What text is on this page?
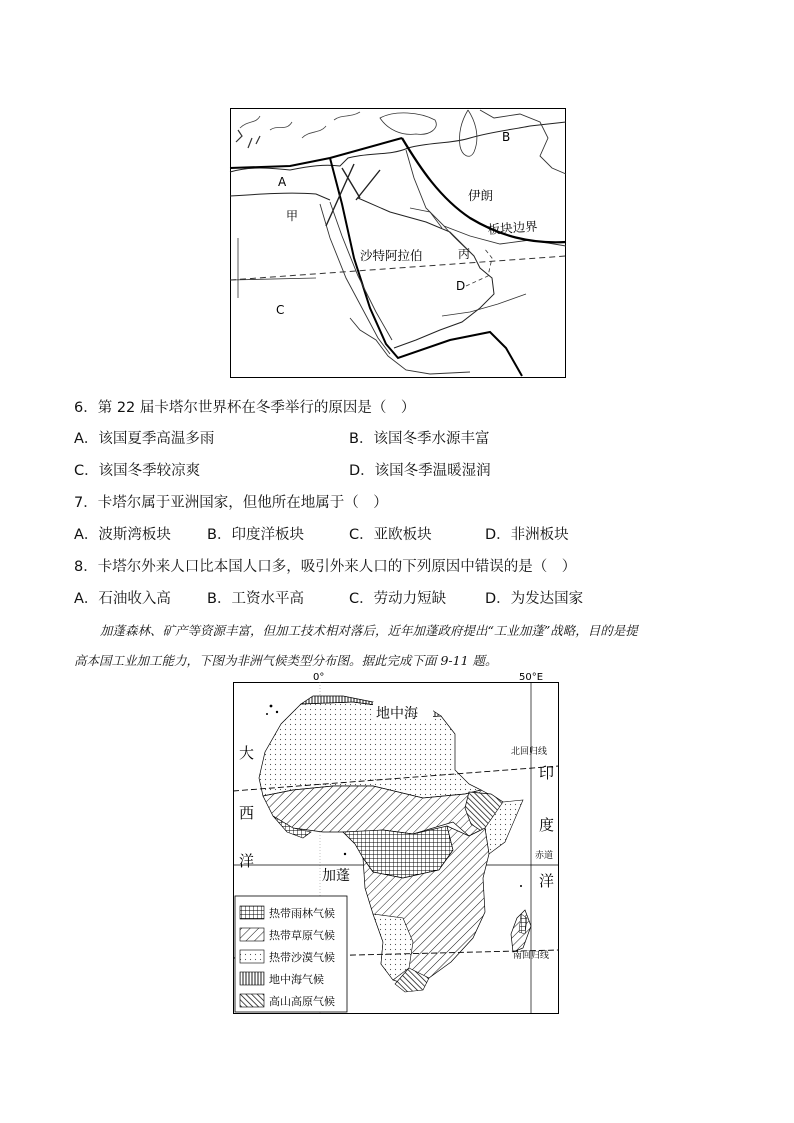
A
B
C
D
甲
丙
伊朗
沙特阿拉伯
板块边界
6．第 22 届卡塔尔世界杯在冬季举行的原因是（　）
A．该国夏季高温多雨	B．该国冬季水源丰富
C．该国冬季较凉爽	D．该国冬季温暖湿润
7．卡塔尔属于亚洲国家，但他所在地属于（　）
A．波斯湾板块 B．印度洋板块	C．亚欧板块	D．非洲板块
8．卡塔尔外来人口比本国人口多，吸引外来人口的下列原因中错误的是（　）
A．石油收入高 B．工资水平高	C．劳动力短缺	D．为发达国家
加蓬森林、矿产等资源丰富，但加工技术相对落后，近年加蓬政府提出“工业加蓬”战略，目的是提
高本国工业加工能力，下图为非洲气候类型分布图。据此完成下面 9-11 题。
0°	50°E
地中海
大
西
洋
印
度
洋
北回归线
赤道
南回归线
加蓬
热带雨林气候
热带草原气候
热带沙漠气候
地中海气候
高山高原气候
